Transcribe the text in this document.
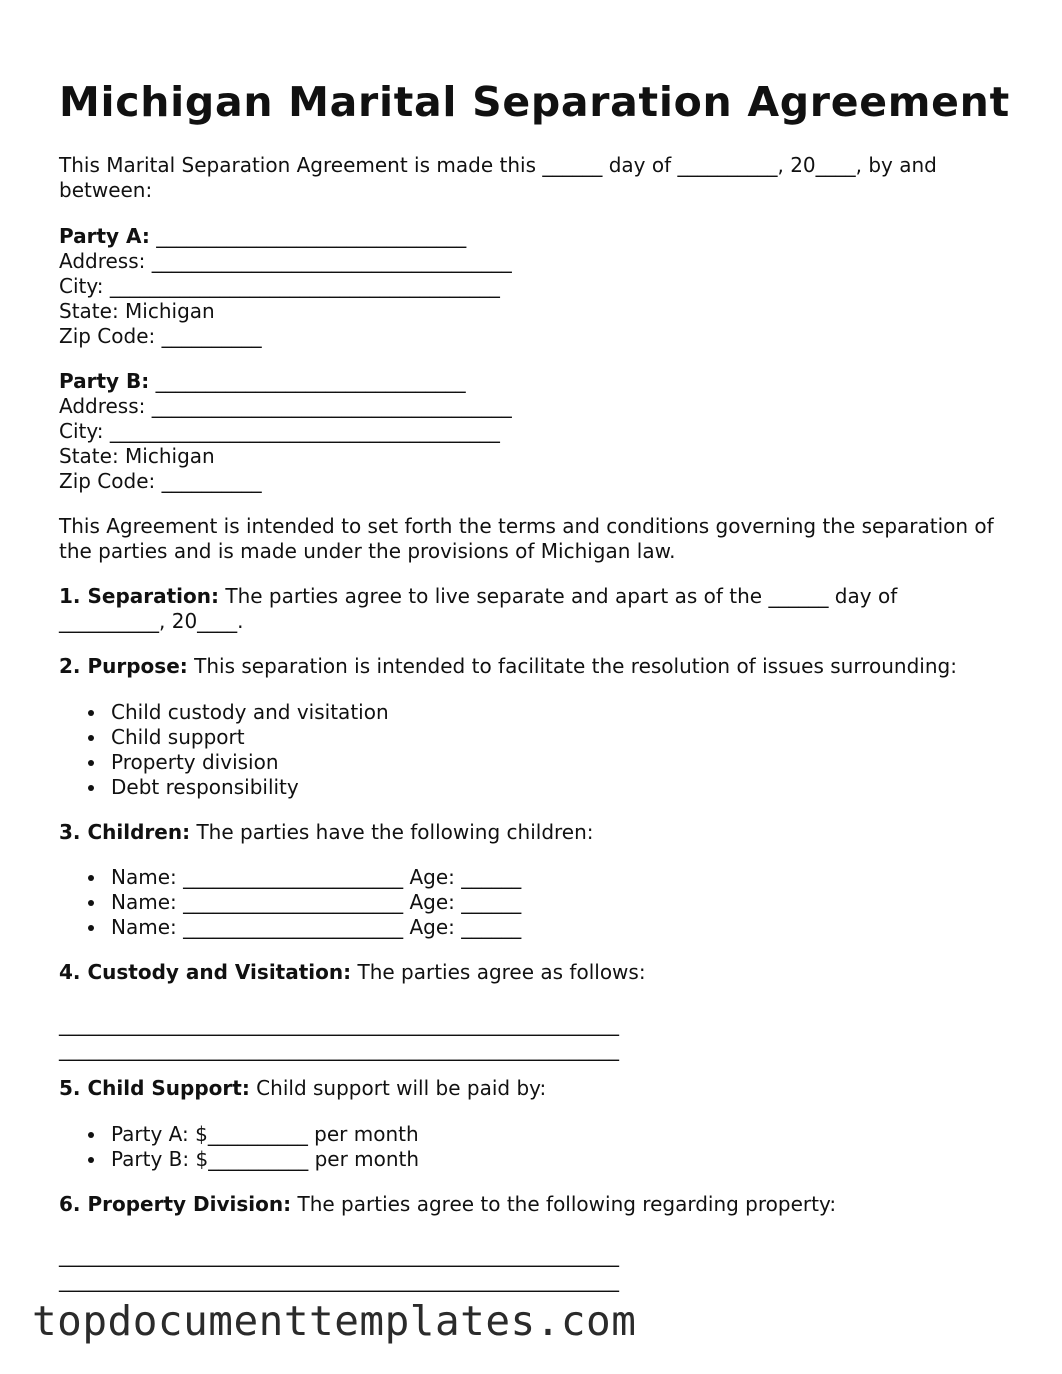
Michigan Marital Separation Agreement

This Marital Separation Agreement is made this ______ day of __________, 20____, by and between:

Party A: _______________________________
Address: ____________________________________
City: _______________________________________
State: Michigan
Zip Code: __________
Party B: _______________________________
Address: ____________________________________
City: _______________________________________
State: Michigan
Zip Code: __________

This Agreement is intended to set forth the terms and conditions governing the separation of the parties and is made under the provisions of Michigan law.

1. Separation: The parties agree to live separate and apart as of the ______ day of __________, 20____.

2. Purpose: This separation is intended to facilitate the resolution of issues surrounding:

Child custody and visitation
Child support
Property division
Debt responsibility

3. Children: The parties have the following children:

Name: ______________________ Age: ______
Name: ______________________ Age: ______
Name: ______________________ Age: ______

4. Custody and Visitation: The parties agree as follows:

________________________________________________________
________________________________________________________

5. Child Support: Child support will be paid by:

Party A: $__________ per month
Party B: $__________ per month

6. Property Division: The parties agree to the following regarding property:

________________________________________________________
________________________________________________________
topdocumenttemplates.com
